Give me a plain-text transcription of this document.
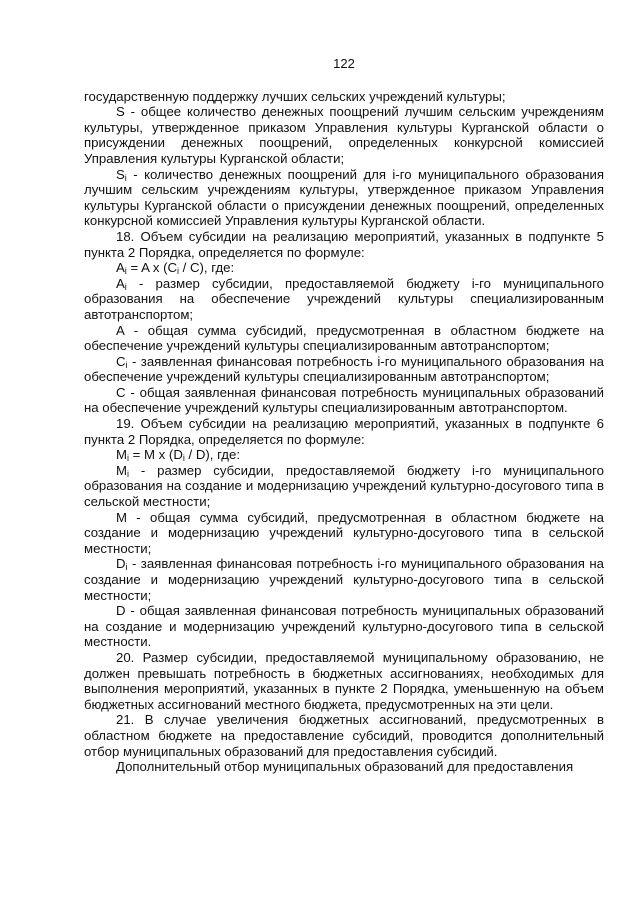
122

государственную поддержку лучших сельских учреждений культуры;

S - общее количество денежных поощрений лучшим сельским учреждениям культуры, утвержденное приказом Управления культуры Курганской области о присуждении денежных поощрений, определенных конкурсной комиссией Управления культуры Курганской области;

$S_i$ - количество денежных поощрений для i-го муниципального образования лучшим сельским учреждениям культуры, утвержденное приказом Управления культуры Курганской области о присуждении денежных поощрений, определенных конкурсной комиссией Управления культуры Курганской области.

18. Объем субсидии на реализацию мероприятий, указанных в подпункте 5 пункта 2 Порядка, определяется по формуле:

$A_i = A$ x $(C_i / C)$, где:

$A_i$ - размер субсидии, предоставляемой бюджету i-го муниципального образования на обеспечение учреждений культуры специализированным автотранспортом;

A - общая сумма субсидий, предусмотренная в областном бюджете на обеспечение учреждений культуры специализированным автотранспортом;

$C_i$ - заявленная финансовая потребность i-го муниципального образования на обеспечение учреждений культуры специализированным автотранспортом;

C - общая заявленная финансовая потребность муниципальных образований на обеспечение учреждений культуры специализированным автотранспортом.

19. Объем субсидии на реализацию мероприятий, указанных в подпункте 6 пункта 2 Порядка, определяется по формуле:

$M_i = M$ x $(D_i / D)$, где:

$M_i$ - размер субсидии, предоставляемой бюджету i-го муниципального образования на создание и модернизацию учреждений культурно-досугового типа в сельской местности;

M - общая сумма субсидий, предусмотренная в областном бюджете на создание и модернизацию учреждений культурно-досугового типа в сельской местности;

$D_i$ - заявленная финансовая потребность i-го муниципального образования на создание и модернизацию учреждений культурно-досугового типа в сельской местности;

D - общая заявленная финансовая потребность муниципальных образований на создание и модернизацию учреждений культурно-досугового типа в сельской местности.

20. Размер субсидии, предоставляемой муниципальному образованию, не должен превышать потребность в бюджетных ассигнованиях, необходимых для выполнения мероприятий, указанных в пункте 2 Порядка, уменьшенную на объем бюджетных ассигнований местного бюджета, предусмотренных на эти цели.

21. В случае увеличения бюджетных ассигнований, предусмотренных в областном бюджете на предоставление субсидий, проводится дополнительный отбор муниципальных образований для предоставления субсидий.

Дополнительный отбор муниципальных образований для предоставления
